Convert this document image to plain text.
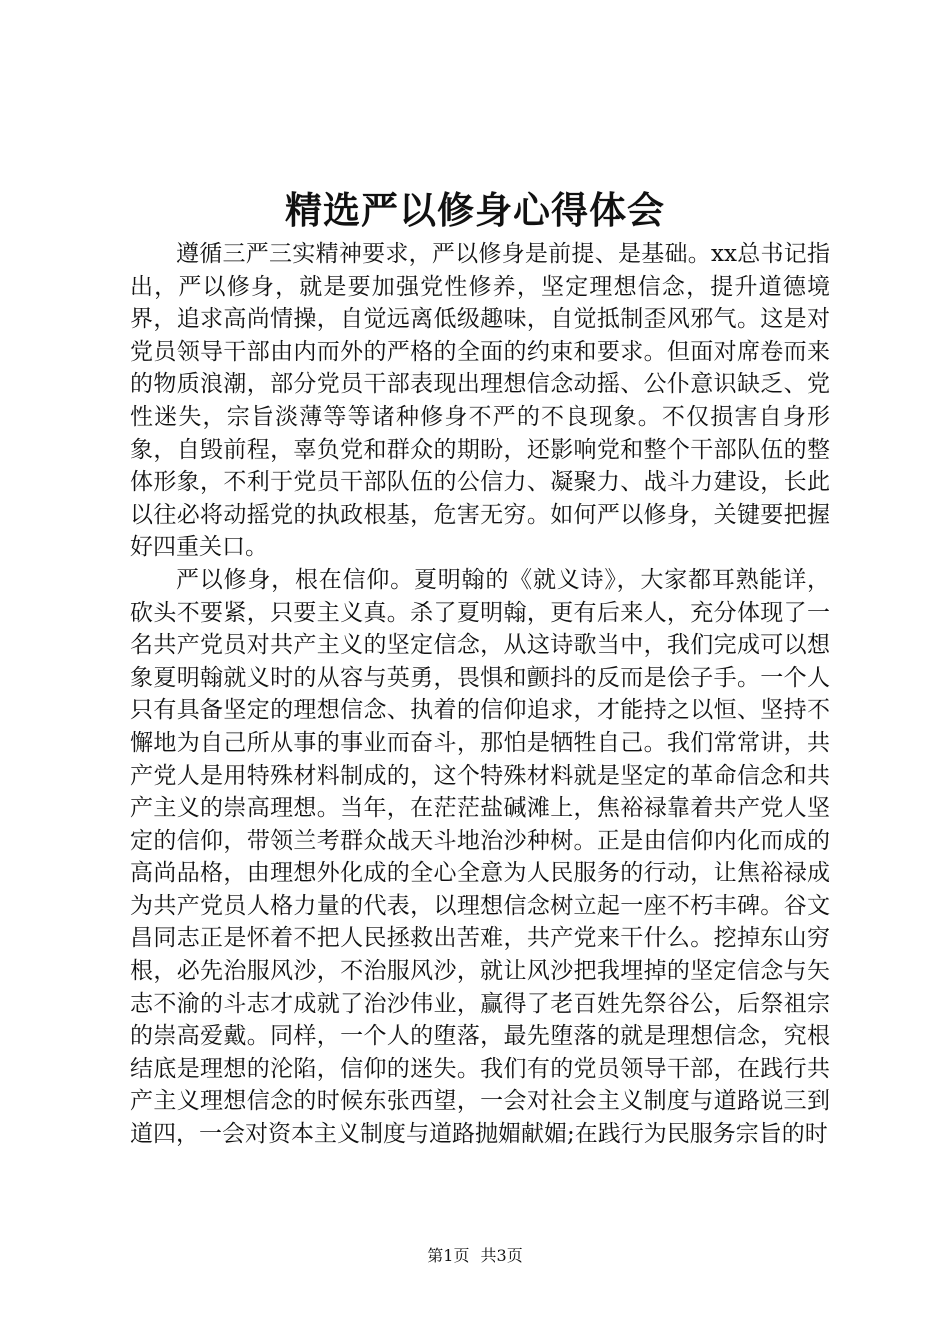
精选严以修身心得体会

遵循三严三实精神要求，严以修身是前提、是基础。xx总书记指出，严以修身，就是要加强党性修养，坚定理想信念，提升道德境界，追求高尚情操，自觉远离低级趣味，自觉抵制歪风邪气。这是对党员领导干部由内而外的严格的全面的约束和要求。但面对席卷而来的物质浪潮，部分党员干部表现出理想信念动摇、公仆意识缺乏、党性迷失，宗旨淡薄等等诸种修身不严的不良现象。不仅损害自身形象，自毁前程，辜负党和群众的期盼，还影响党和整个干部队伍的整体形象，不利于党员干部队伍的公信力、凝聚力、战斗力建设，长此以往必将动摇党的执政根基，危害无穷。如何严以修身，关键要把握好四重关口。

严以修身，根在信仰。夏明翰的《就义诗》，大家都耳熟能详，砍头不要紧，只要主义真。杀了夏明翰，更有后来人，充分体现了一名共产党员对共产主义的坚定信念，从这诗歌当中，我们完成可以想象夏明翰就义时的从容与英勇，畏惧和颤抖的反而是侩子手。一个人只有具备坚定的理想信念、执着的信仰追求，才能持之以恒、坚持不懈地为自己所从事的事业而奋斗，那怕是牺牲自己。我们常常讲，共产党人是用特殊材料制成的，这个特殊材料就是坚定的革命信念和共产主义的崇高理想。当年，在茫茫盐碱滩上，焦裕禄靠着共产党人坚定的信仰，带领兰考群众战天斗地治沙种树。正是由信仰内化而成的高尚品格，由理想外化成的全心全意为人民服务的行动，让焦裕禄成为共产党员人格力量的代表，以理想信念树立起一座不朽丰碑。谷文昌同志正是怀着不把人民拯救出苦难，共产党来干什么。挖掉东山穷根，必先治服风沙，不治服风沙，就让风沙把我埋掉的坚定信念与矢志不渝的斗志才成就了治沙伟业，赢得了老百姓先祭谷公，后祭祖宗的崇高爱戴。同样，一个人的堕落，最先堕落的就是理想信念，究根结底是理想的沦陷，信仰的迷失。我们有的党员领导干部，在践行共产主义理想信念的时候东张西望，一会对社会主义制度与道路说三到道四，一会对资本主义制度与道路抛媚献媚;在践行为民服务宗旨的时

第1页 共3页
